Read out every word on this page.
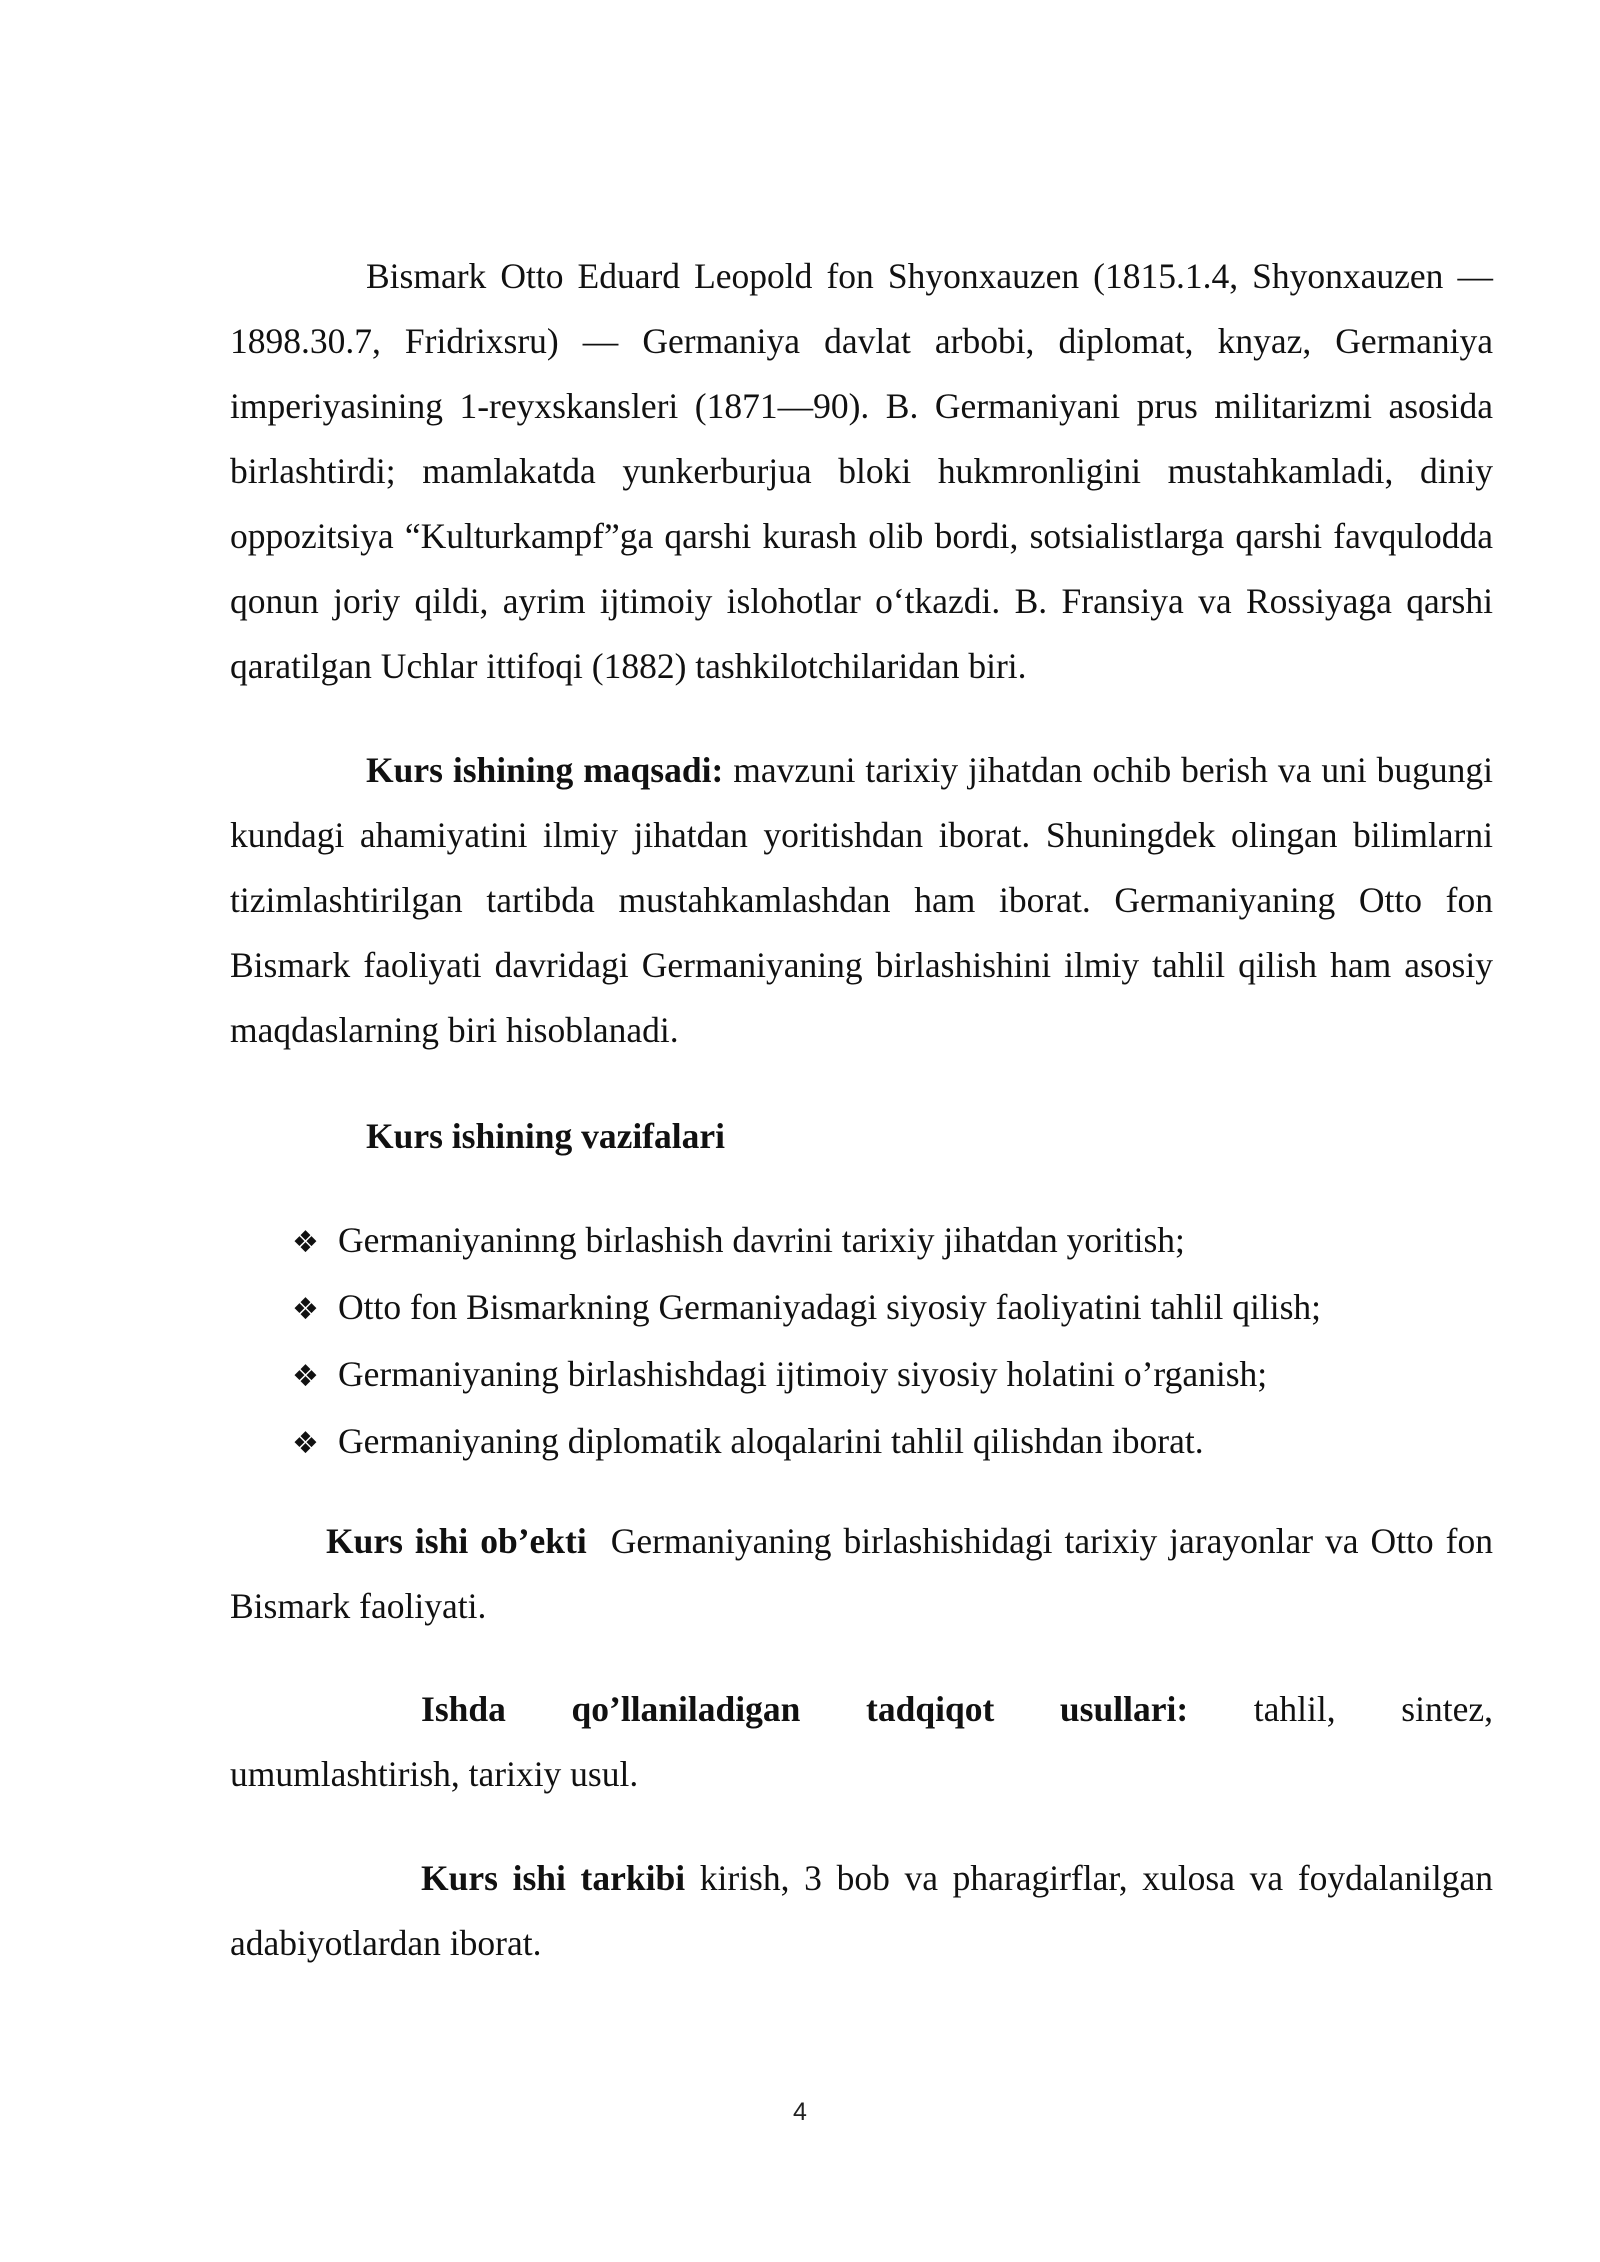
Bismark Otto Eduard Leopold fon Shyonxauzen (1815.1.4, Shyonxauzen —1898.30.7, Fridrixsru) — Germaniya davlat arbobi, diplomat, knyaz, Germaniya imperiyasining 1-reyxskansleri (1871—90). B. Germaniyani prus militarizmi asosida birlashtirdi; mamlakatda yunkerburjua bloki hukmronligini mustahkamladi, diniy oppozitsiya “Kulturkampf”ga qarshi kurash olib bordi, sotsialistlarga qarshi favqulodda qonun joriy qildi, ayrim ijtimoiy islohotlar o‘tkazdi. B. Fransiya va Rossiyaga qarshi qaratilgan Uchlar ittifoqi (1882) tashkilotchilaridan biri.
Kurs ishining maqsadi: mavzuni tarixiy jihatdan ochib berish va uni bugungi kundagi ahamiyatini ilmiy jihatdan yoritishdan iborat. Shuningdek olingan bilimlarni tizimlashtirilgan tartibda mustahkamlashdan ham iborat. Germaniyaning Otto fon Bismark faoliyati davridagi Germaniyaning birlashishini ilmiy tahlil qilish ham asosiy maqdaslarning biri hisoblanadi.
Kurs ishining vazifalari
❖ Germaniyaninng birlashish davrini tarixiy jihatdan yoritish;
❖ Otto fon Bismarkning Germaniyadagi siyosiy faoliyatini tahlil qilish;
❖ Germaniyaning birlashishdagi ijtimoiy siyosiy holatini o’rganish;
❖ Germaniyaning diplomatik aloqalarini tahlil qilishdan iborat.
Kurs ishi ob’ekti  Germaniyaning birlashishidagi tarixiy jarayonlar va Otto fon Bismark faoliyati.
Ishda qo’llaniladigan tadqiqot usullari: tahlil, sintez,
umumlashtirish, tarixiy usul.
Kurs ishi tarkibi kirish, 3 bob va pharagirflar, xulosa va foydalanilgan adabiyotlardan iborat.
4
